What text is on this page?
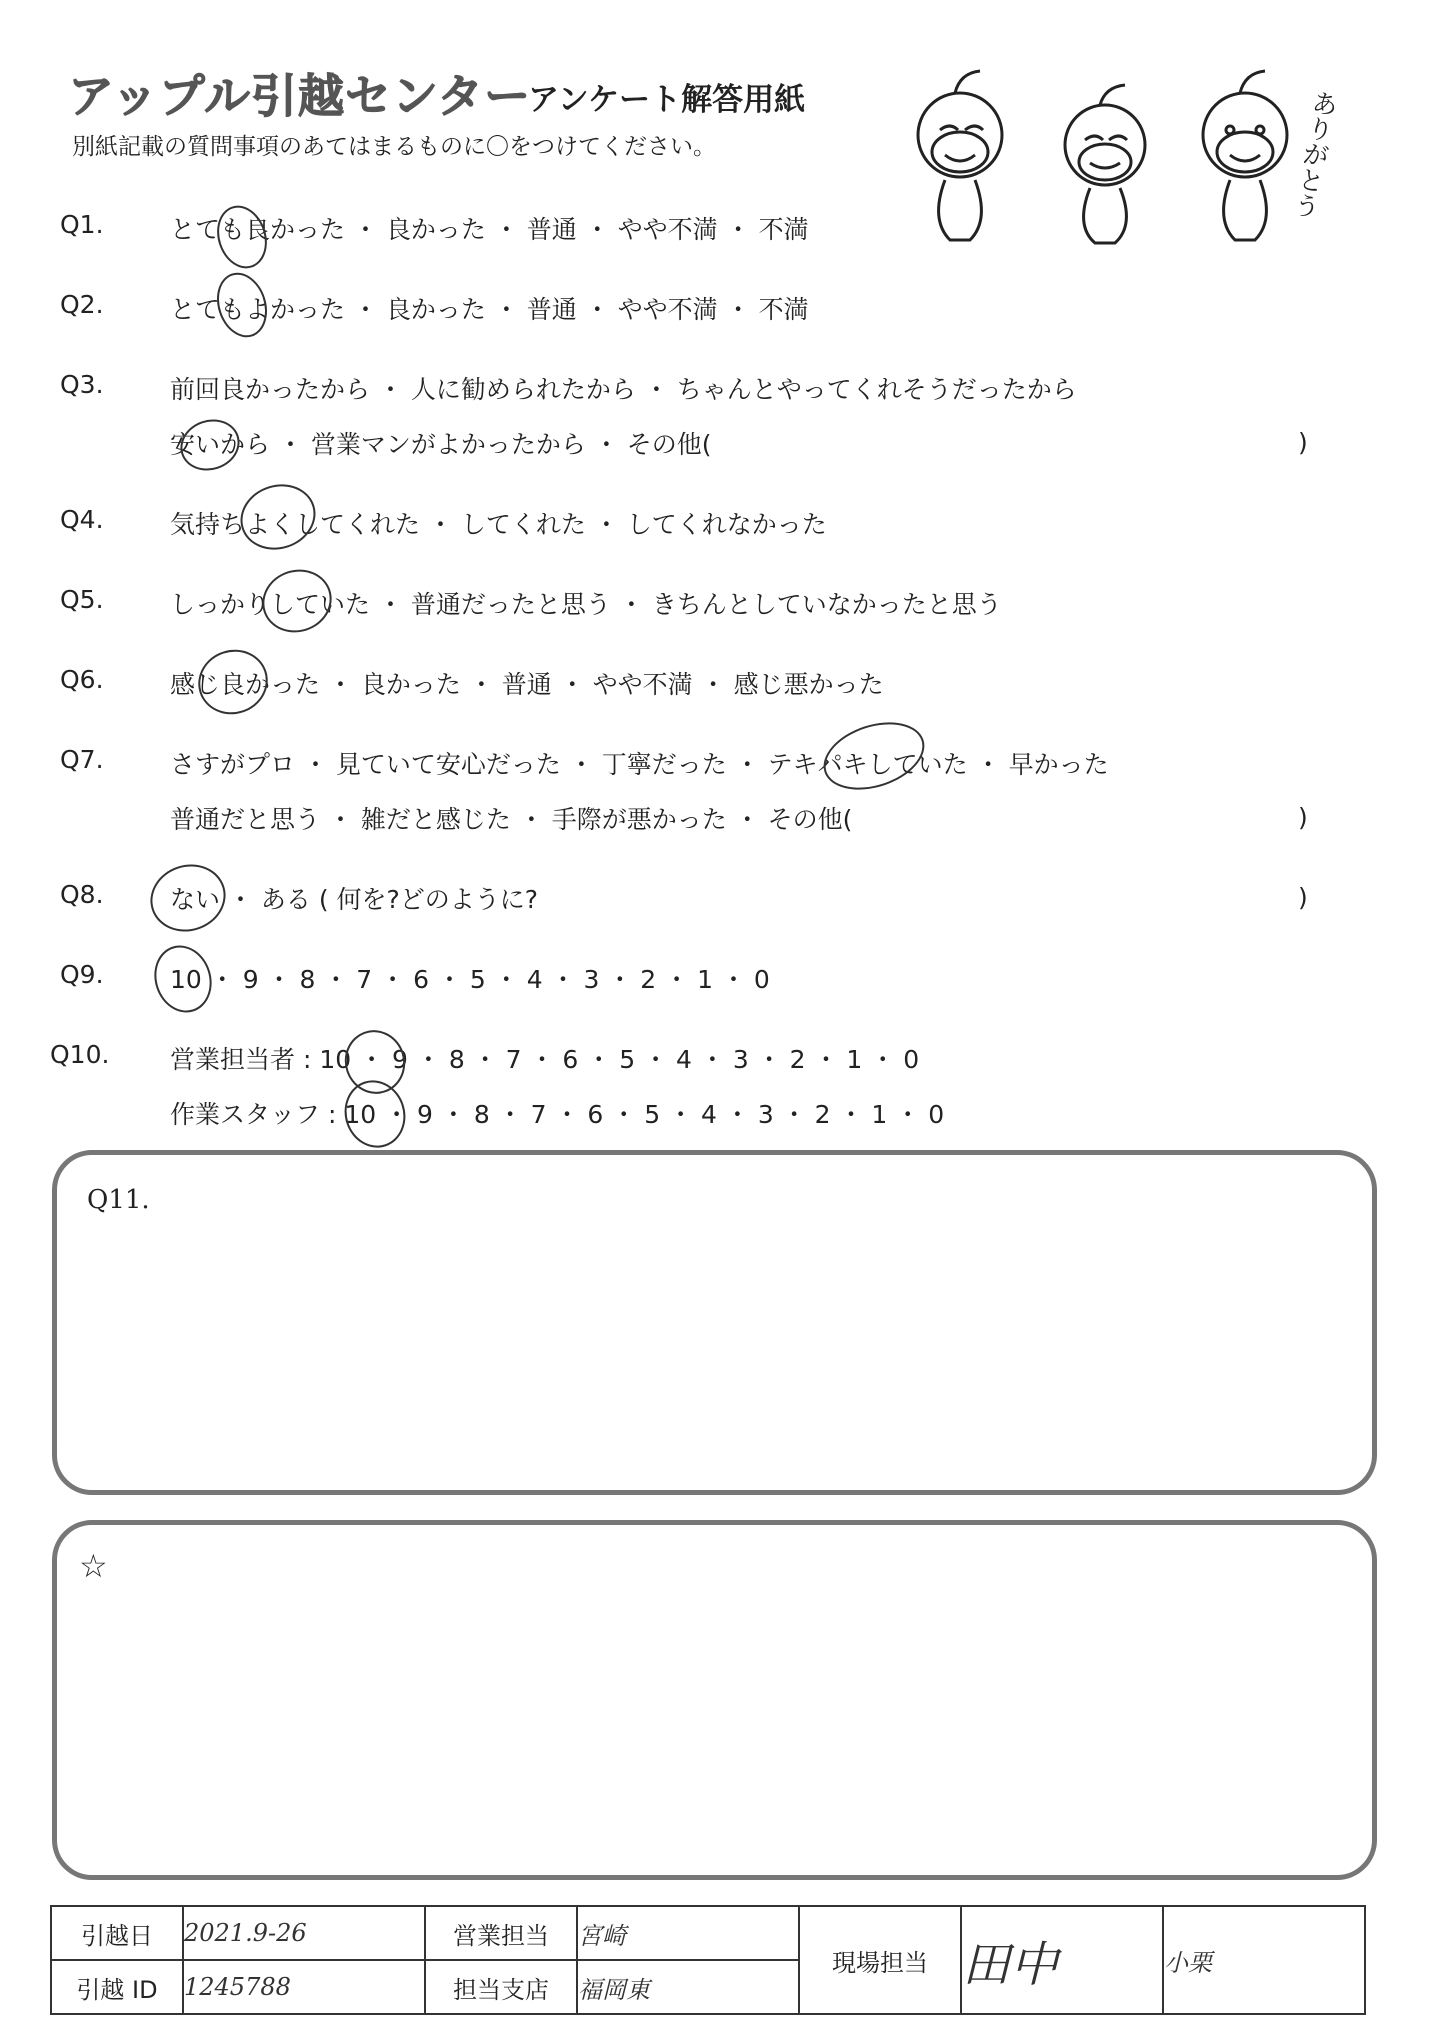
アップル引越センター
アンケート解答用紙
別紙記載の質問事項のあてはまるものに〇をつけてください。	ありがとう
Q1.	とても良かった ・ 良かった ・ 普通 ・ やや不満 ・ 不満
Q2.	とてもよかった ・ 良かった ・ 普通 ・ やや不満 ・ 不満
Q3.	前回良かったから ・ 人に勧められたから ・ ちゃんとやってくれそうだったから
安いから ・ 営業マンがよかったから ・ その他(	)
Q4.	気持ちよくしてくれた ・ してくれた ・ してくれなかった
Q5.	しっかりしていた ・ 普通だったと思う ・ きちんとしていなかったと思う
Q6.	感じ良かった ・ 良かった ・ 普通 ・ やや不満 ・ 感じ悪かった
Q7.	さすがプロ ・ 見ていて安心だった ・ 丁寧だった ・ テキパキしていた ・ 早かった
普通だと思う ・ 雑だと感じた ・ 手際が悪かった ・ その他(	)
Q8.	ない ・ ある ( 何を?どのように?	)
Q9.	10 ・ 9 ・ 8 ・ 7 ・ 6 ・ 5 ・ 4 ・ 3 ・ 2 ・ 1 ・ 0
Q10. 営業担当者 : 10 ・ 9 ・ 8 ・ 7 ・ 6 ・ 5 ・ 4 ・ 3 ・ 2 ・ 1 ・ 0
作業スタッフ : 10 ・ 9 ・ 8 ・ 7 ・ 6 ・ 5 ・ 4 ・ 3 ・ 2 ・ 1 ・ 0
Q11.
☆
引越日	2021.9-26	営業担当	宮崎	現場担当	田中	小栗
引越 ID	1245788	担当支店	福岡東			
